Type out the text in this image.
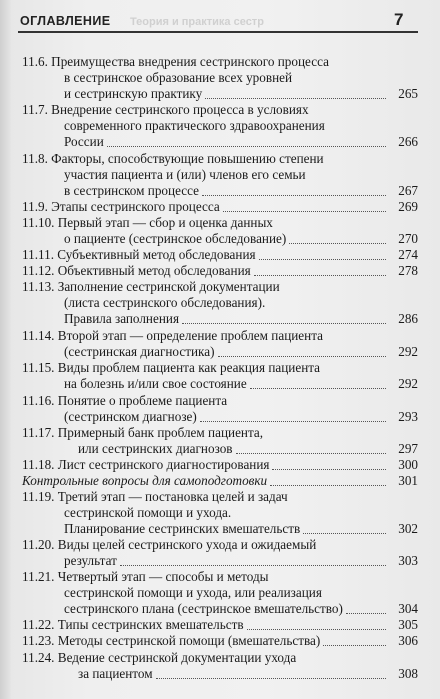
ОГЛАВЛЕНИЕ Теория и практика сестр	7
11.6. Преимущества внедрения сестринского процесса
в сестринское образование всех уровней
и сестринскую практику	265
11.7. Внедрение сестринского процесса в условиях
современного практического здравоохранения
России	266
11.8. Факторы, способствующие повышению степени
участия пациента и (или) членов его семьи
в сестринском процессе	267
11.9. Этапы сестринского процесса	269
11.10. Первый этап — сбор и оценка данных
о пациенте (сестринское обследование)	270
11.11. Субъективный метод обследования	274
11.12. Объективный метод обследования	278
11.13. Заполнение сестринской документации
(листа сестринского обследования).
Правила заполнения	286
11.14. Второй этап — определение проблем пациента
(сестринская диагностика)	292
11.15. Виды проблем пациента как реакция пациента
на болезнь и/или свое состояние	292
11.16. Понятие о проблеме пациента
(сестринском диагнозе)	293
11.17. Примерный банк проблем пациента,
или сестринских диагнозов	297
11.18. Лист сестринского диагностирования	300
Контрольные вопросы для самоподготовки	301
11.19. Третий этап — постановка целей и задач
сестринской помощи и ухода.
Планирование сестринских вмешательств	302
11.20. Виды целей сестринского ухода и ожидаемый
результат	303
11.21. Четвертый этап — способы и методы
сестринской помощи и ухода, или реализация
сестринского плана (сестринское вмешательство)	304
11.22. Типы сестринских вмешательств	305
11.23. Методы сестринской помощи (вмешательства)	306
11.24. Ведение сестринской документации ухода
за пациентом	308
